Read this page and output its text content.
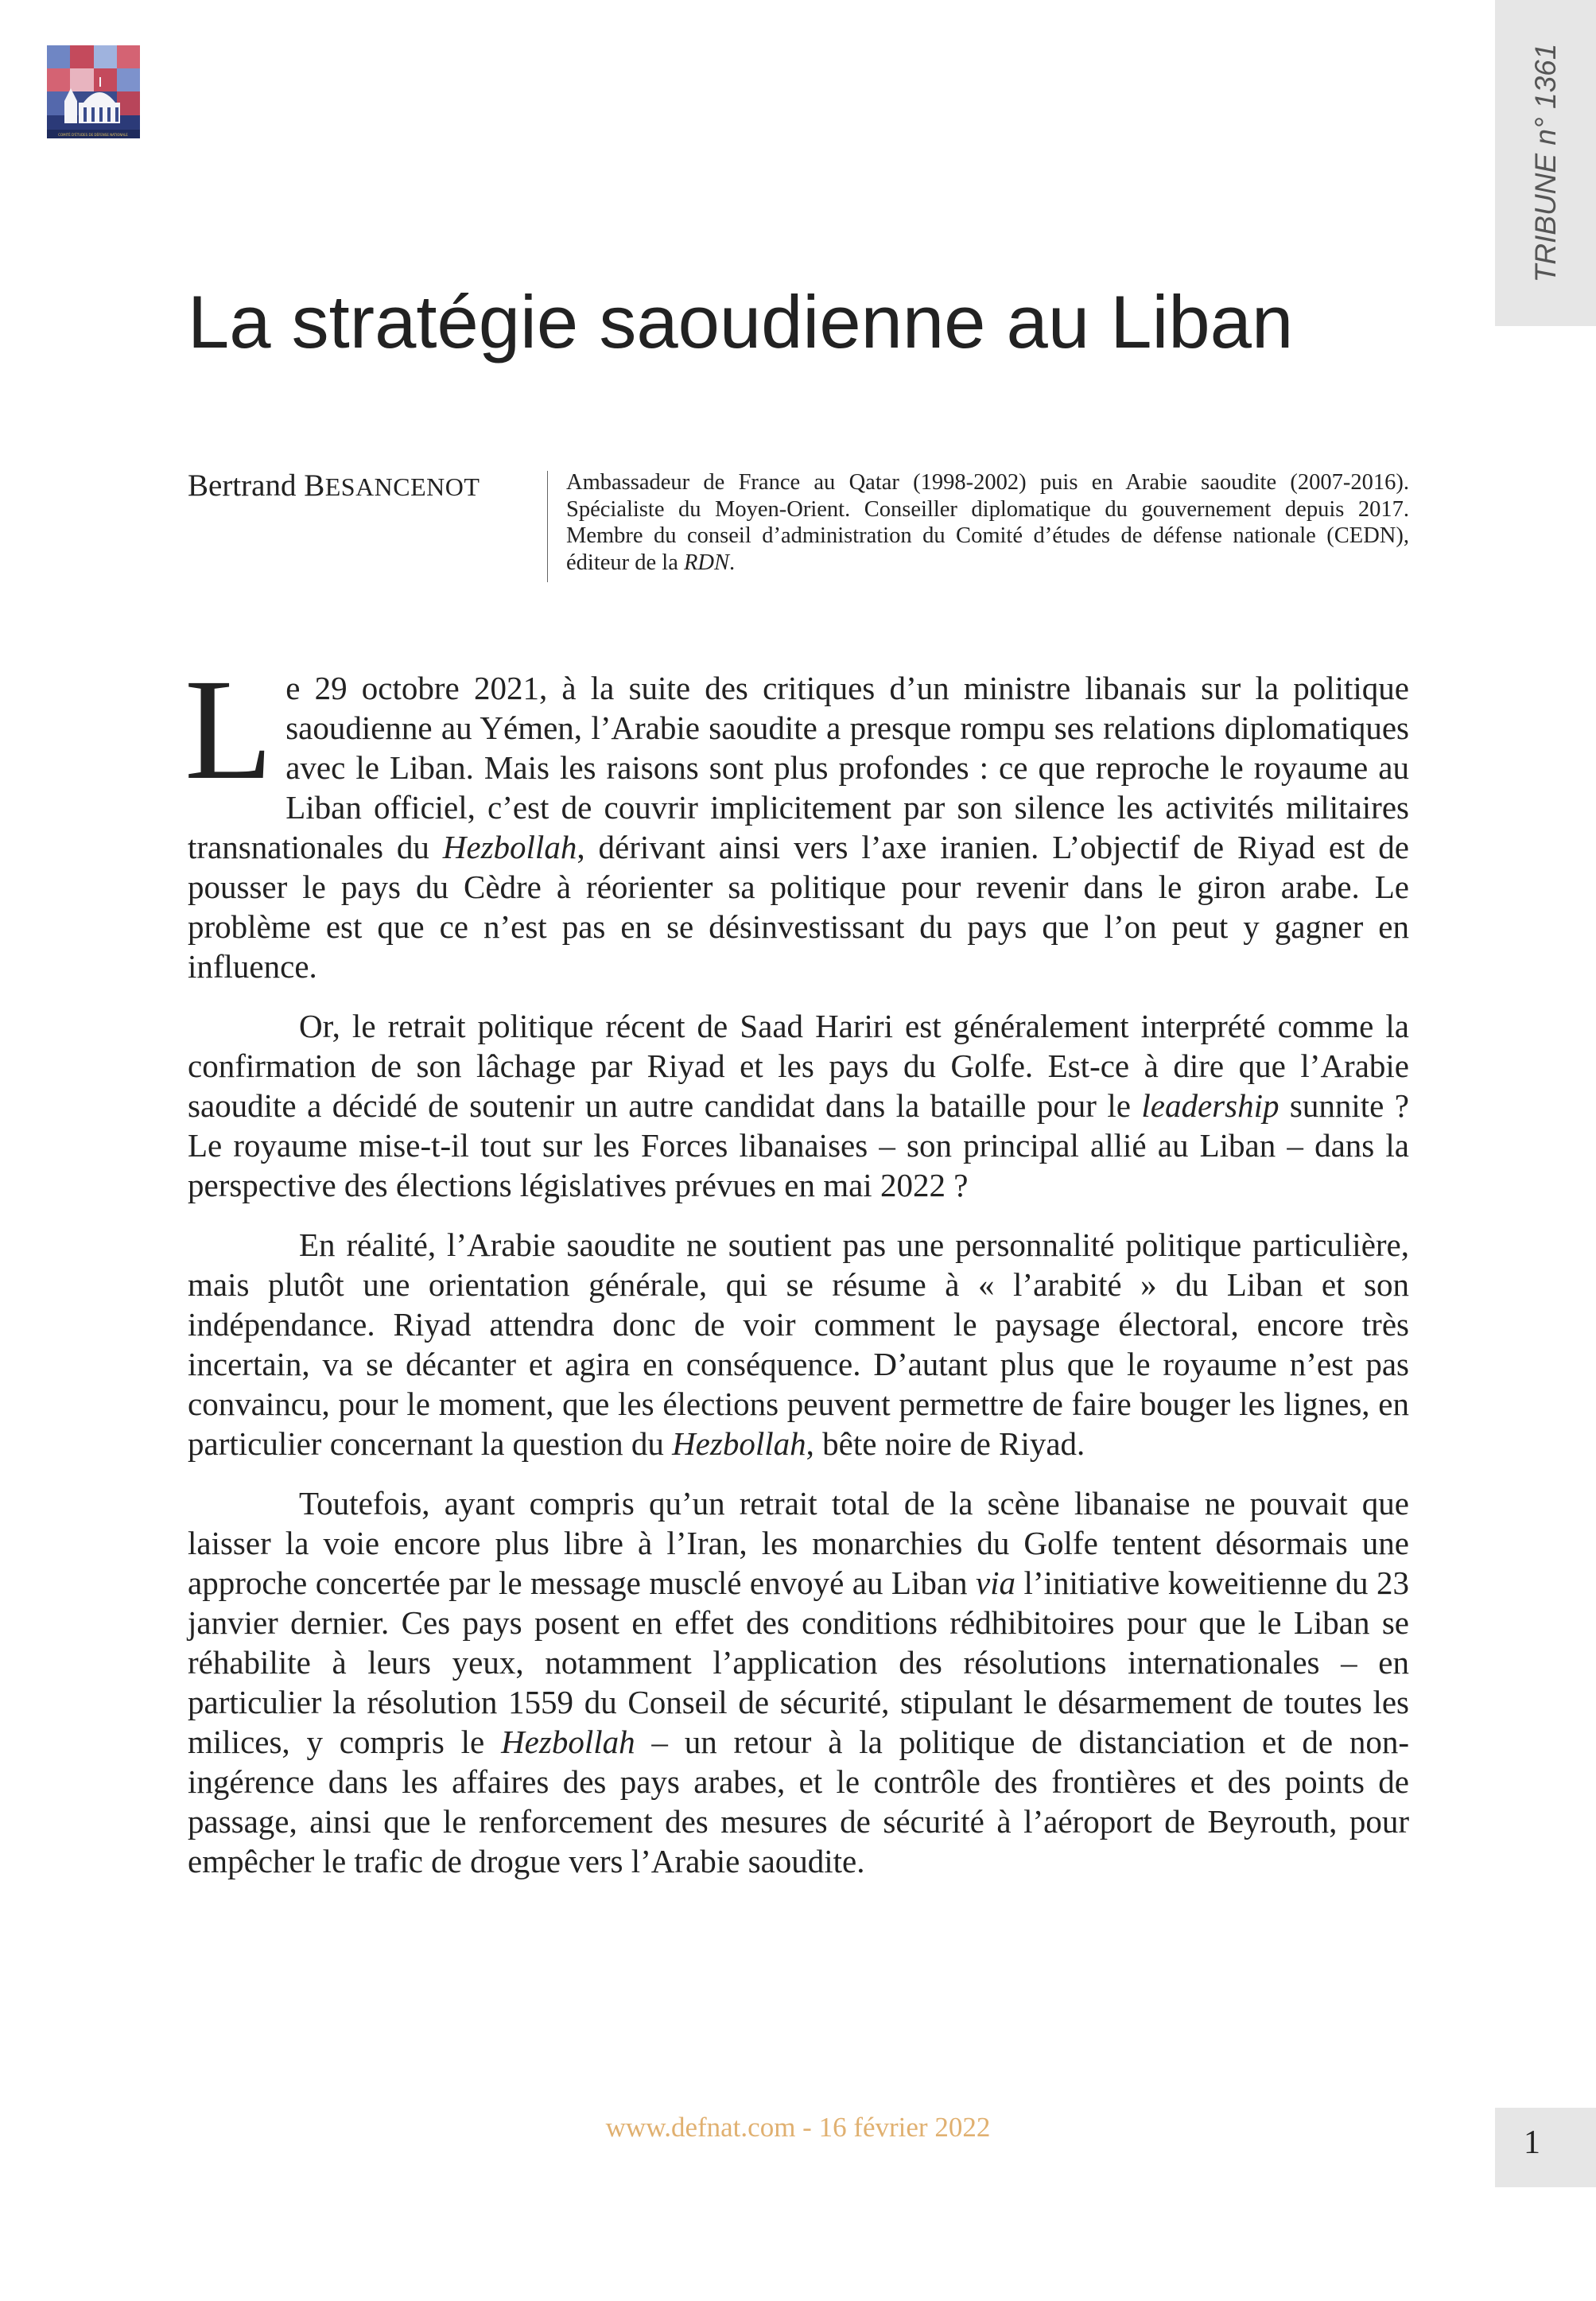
COMITÉ D'ÉTUDES DE DÉFENSE NATIONALE	TRIBUNE n° 1361
La stratégie saoudienne au Liban
Bertrand BESANCENOT	Ambassadeur de France au Qatar (1998-2002) puis en Arabie saoudite (2007-2016). Spécialiste du Moyen-Orient. Conseiller diplomatique du gouvernement depuis 2017. Membre du conseil d’administration du Comité d’études de défense nationale (CEDN), éditeur de la RDN.

Le 29 octobre 2021, à la suite des critiques d’un ministre libanais sur la politique saoudienne au Yémen, l’Arabie saoudite a presque rompu ses relations diplomatiques avec le Liban. Mais les raisons sont plus profondes : ce que reproche le royaume au Liban officiel, c’est de couvrir implicitement par son silence les activités militaires transnationales du Hezbollah, dérivant ainsi vers l’axe iranien. L’objectif de Riyad est de pousser le pays du Cèdre à réorienter sa politique pour revenir dans le giron arabe. Le problème est que ce n’est pas en se désinvestissant du pays que l’on peut y gagner en influence.

Or, le retrait politique récent de Saad Hariri est généralement interprété comme la confirmation de son lâchage par Riyad et les pays du Golfe. Est-ce à dire que l’Arabie saoudite a décidé de soutenir un autre candidat dans la bataille pour le leadership sunnite ? Le royaume mise-t-il tout sur les Forces libanaises – son principal allié au Liban – dans la perspective des élections législatives prévues en mai 2022 ?

En réalité, l’Arabie saoudite ne soutient pas une personnalité politique particulière, mais plutôt une orientation générale, qui se résume à « l’arabité » du Liban et son indépendance. Riyad attendra donc de voir comment le paysage électoral, encore très incertain, va se décanter et agira en conséquence. D’autant plus que le royaume n’est pas convaincu, pour le moment, que les élections peuvent permettre de faire bouger les lignes, en particulier concernant la question du Hezbollah, bête noire de Riyad.

Toutefois, ayant compris qu’un retrait total de la scène libanaise ne pouvait que laisser la voie encore plus libre à l’Iran, les monarchies du Golfe tentent désormais une approche concertée par le message musclé envoyé au Liban via l’initiative koweitienne du 23 janvier dernier. Ces pays posent en effet des conditions rédhibitoires pour que le Liban se réhabilite à leurs yeux, notamment l’application des résolutions internationales – en particulier la résolution 1559 du Conseil de sécurité, stipulant le désarmement de toutes les milices, y compris le Hezbollah – un retour à la politique de distanciation et de non-ingérence dans les affaires des pays arabes, et le contrôle des frontières et des points de passage, ainsi que le renforcement des mesures de sécurité à l’aéroport de Beyrouth, pour empêcher le trafic de drogue vers l’Arabie saoudite.

www.defnat.com - 16 février 2022	1
